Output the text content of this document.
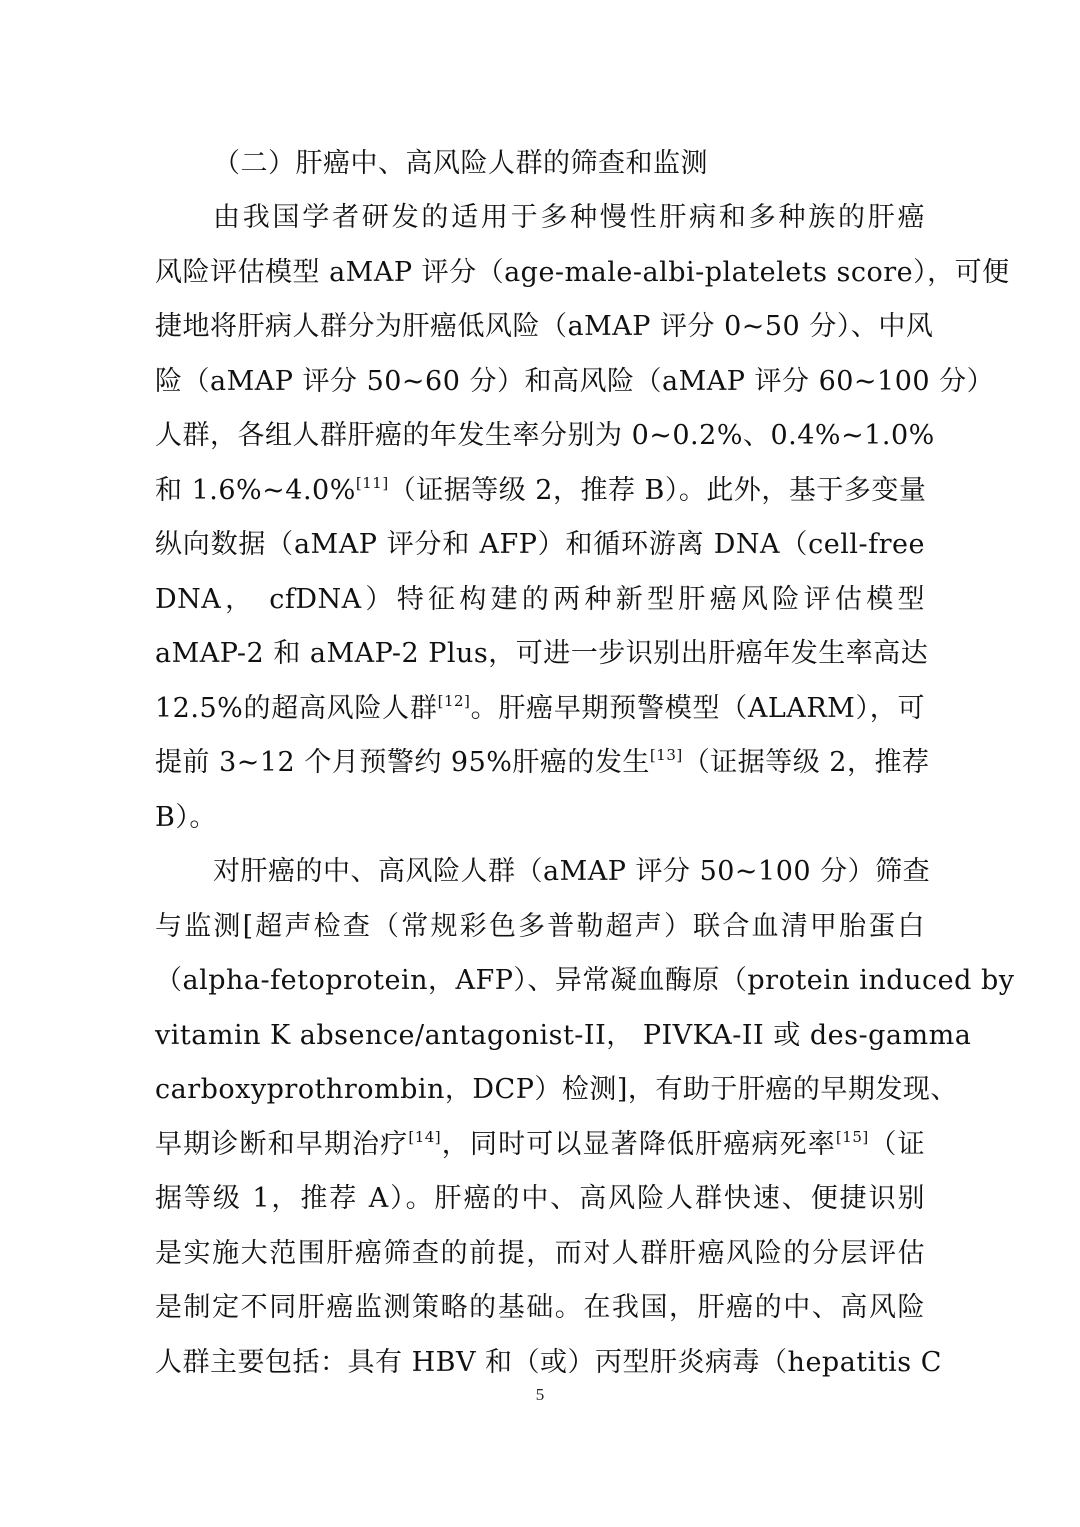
（二）肝癌中、高风险人群的筛查和监测
由我国学者研发的适用于多种慢性肝病和多种族的肝癌
风险评估模型 aMAP 评分（age-male-albi-platelets score），可便
捷地将肝病人群分为肝癌低风险（aMAP 评分 0~50 分）、中风
险（aMAP 评分 50~60 分）和高风险（aMAP 评分 60~100 分）
人群，各组人群肝癌的年发生率分别为 0~0.2%、0.4%~1.0%
和 1.6%~4.0%[11]（证据等级 2，推荐 B）。此外，基于多变量
纵向数据（aMAP 评分和 AFP）和循环游离 DNA（cell-free
DNA， cfDNA）特征构建的两种新型肝癌风险评估模型
aMAP-2 和 aMAP-2 Plus，可进一步识别出肝癌年发生率高达
12.5%的超高风险人群[12]。肝癌早期预警模型（ALARM），可
提前 3~12 个月预警约 95%肝癌的发生[13]（证据等级 2，推荐
B）。
对肝癌的中、高风险人群（aMAP 评分 50~100 分）筛查
与监测[超声检查（常规彩色多普勒超声）联合血清甲胎蛋白
（alpha-fetoprotein，AFP）、异常凝血酶原（protein induced by
vitamin K absence/antagonist-II， PIVKA-II 或 des-gamma
carboxyprothrombin，DCP）检测]，有助于肝癌的早期发现、
早期诊断和早期治疗[14]，同时可以显著降低肝癌病死率[15]（证
据等级 1，推荐 A）。肝癌的中、高风险人群快速、便捷识别
是实施大范围肝癌筛查的前提，而对人群肝癌风险的分层评估
是制定不同肝癌监测策略的基础。在我国，肝癌的中、高风险
人群主要包括：具有 HBV 和（或）丙型肝炎病毒（hepatitis C
5
